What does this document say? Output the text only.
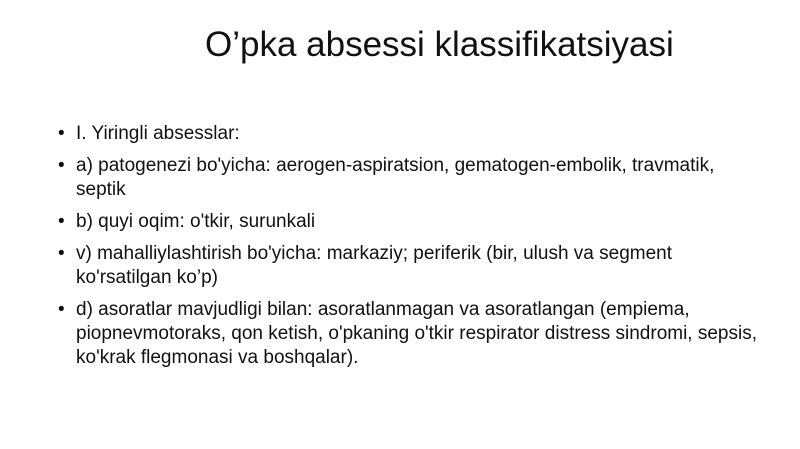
O’pka absessi klassifikatsiyasi
• I. Yiringli absesslar:
• a) patogenezi bo'yicha: aerogen-aspiratsion, gematogen-embolik, travmatik, septik
• b) quyi oqim: o'tkir, surunkali
• v) mahalliylashtirish bo'yicha: markaziy; periferik (bir, ulush va segment ko'rsatilgan ko’p)
• d) asoratlar mavjudligi bilan: asoratlanmagan va asoratlangan (empiema, piopnevmotoraks, qon ketish, o'pkaning o'tkir respirator distress sindromi, sepsis, ko'krak flegmonasi va boshqalar).
